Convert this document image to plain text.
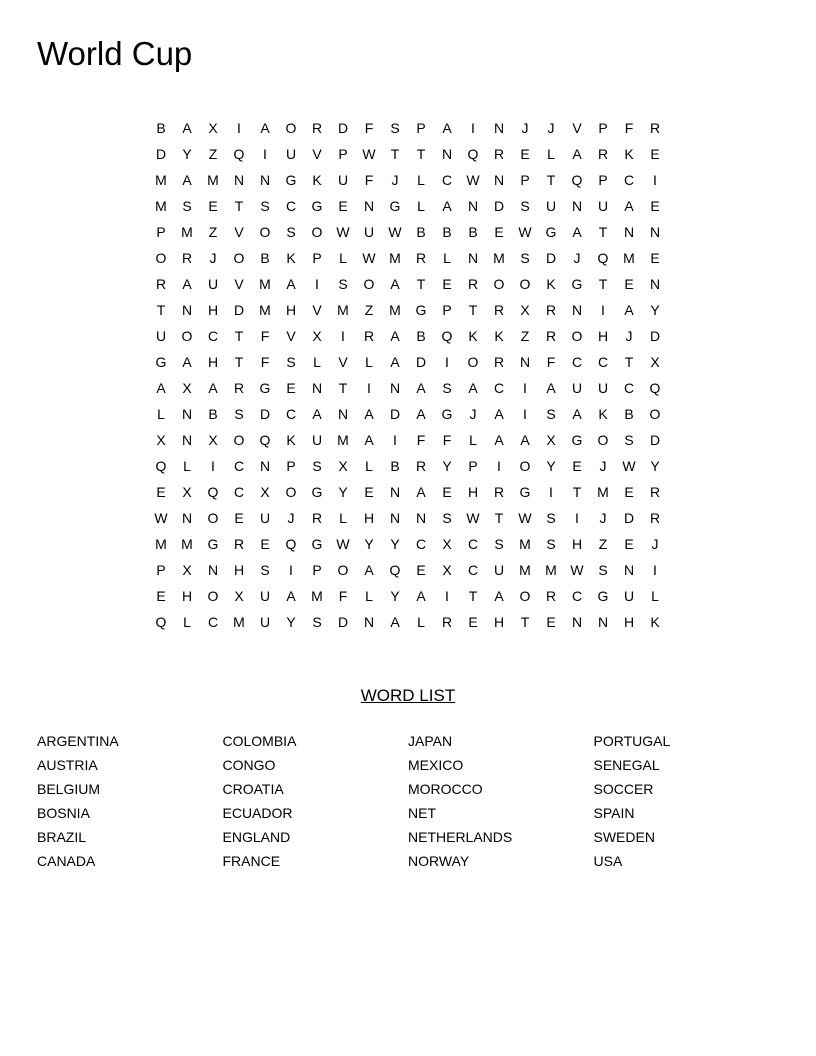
World Cup
B	A	X	I	A	O	R	D	F	S	P	A	I	N	J	J	V	P	F	R
D	Y	Z	Q	I	U	V	P	W	T	T	N	Q	R	E	L	A	R	K	E
M	A	M	N	N	G	K	U	F	J	L	C	W	N	P	T	Q	P	C	I
M	S	E	T	S	C	G	E	N	G	L	A	N	D	S	U	N	U	A	E
P	M	Z	V	O	S	O W	U	W	B	B	B	E	W G	A	T	N	N
O	R	J	O	B	K	P	L	W M	R	L	N	M	S	D	J	Q	M	E
R	A	U	V	M	A	I	S	O	A	T	E	R	O	O	K	G	T	E	N
T	N	H	D	M	H	V	M	Z	M	G	P	T	R	X	R	N	I	A	Y
U	O	C	T	F	V	X	I	R	A	B	Q	K	K	Z	R	O	H	J	D
G	A	H	T	F	S	L	V	L	A	D	I	O	R	N	F	C	C	T	X
A	X	A	R	G	E	N	T	I	N	A	S	A	C	I	A	U	U	C	Q
L	N	B	S	D	C	A	N	A	D	A	G	J	A	I	S	A	K	B	O
X	N	X	O	Q	K	U	M	A	I	F	F	L	A	A	X	G	O	S	D
Q	L	I	C	N	P	S	X	L	B	R	Y	P	I	O	Y	E	J	W	Y
E	X	Q	C	X	O	G	Y	E	N	A	E	H	R	G	I	T	M	E	R
W	N	O	E	U	J	R	L	H	N	N	S	W	T	W	S	I	J	D	R
M	M	G	R	E	Q	G W	Y	Y	C	X	C	S	M	S	H	Z	E	J
P	X	N	H	S	I	P	O	A	Q	E	X	C	U	M	M W	S	N	I
E	H	O	X	U	A	M	F	L	Y	A	I	T	A	O	R	C	G	U	L
Q	L	C	M	U	Y	S	D	N	A	L	R	E	H	T	E	N	N	H	K
WORD LIST
ARGENTINA
AUSTRIA
BELGIUM
BOSNIA
BRAZIL
CANADA
COLOMBIA
CONGO
CROATIA
ECUADOR
ENGLAND
FRANCE
JAPAN
MEXICO
MOROCCO
NET
NETHERLANDS
NORWAY
PORTUGAL
SENEGAL
SOCCER
SPAIN
SWEDEN
USA
